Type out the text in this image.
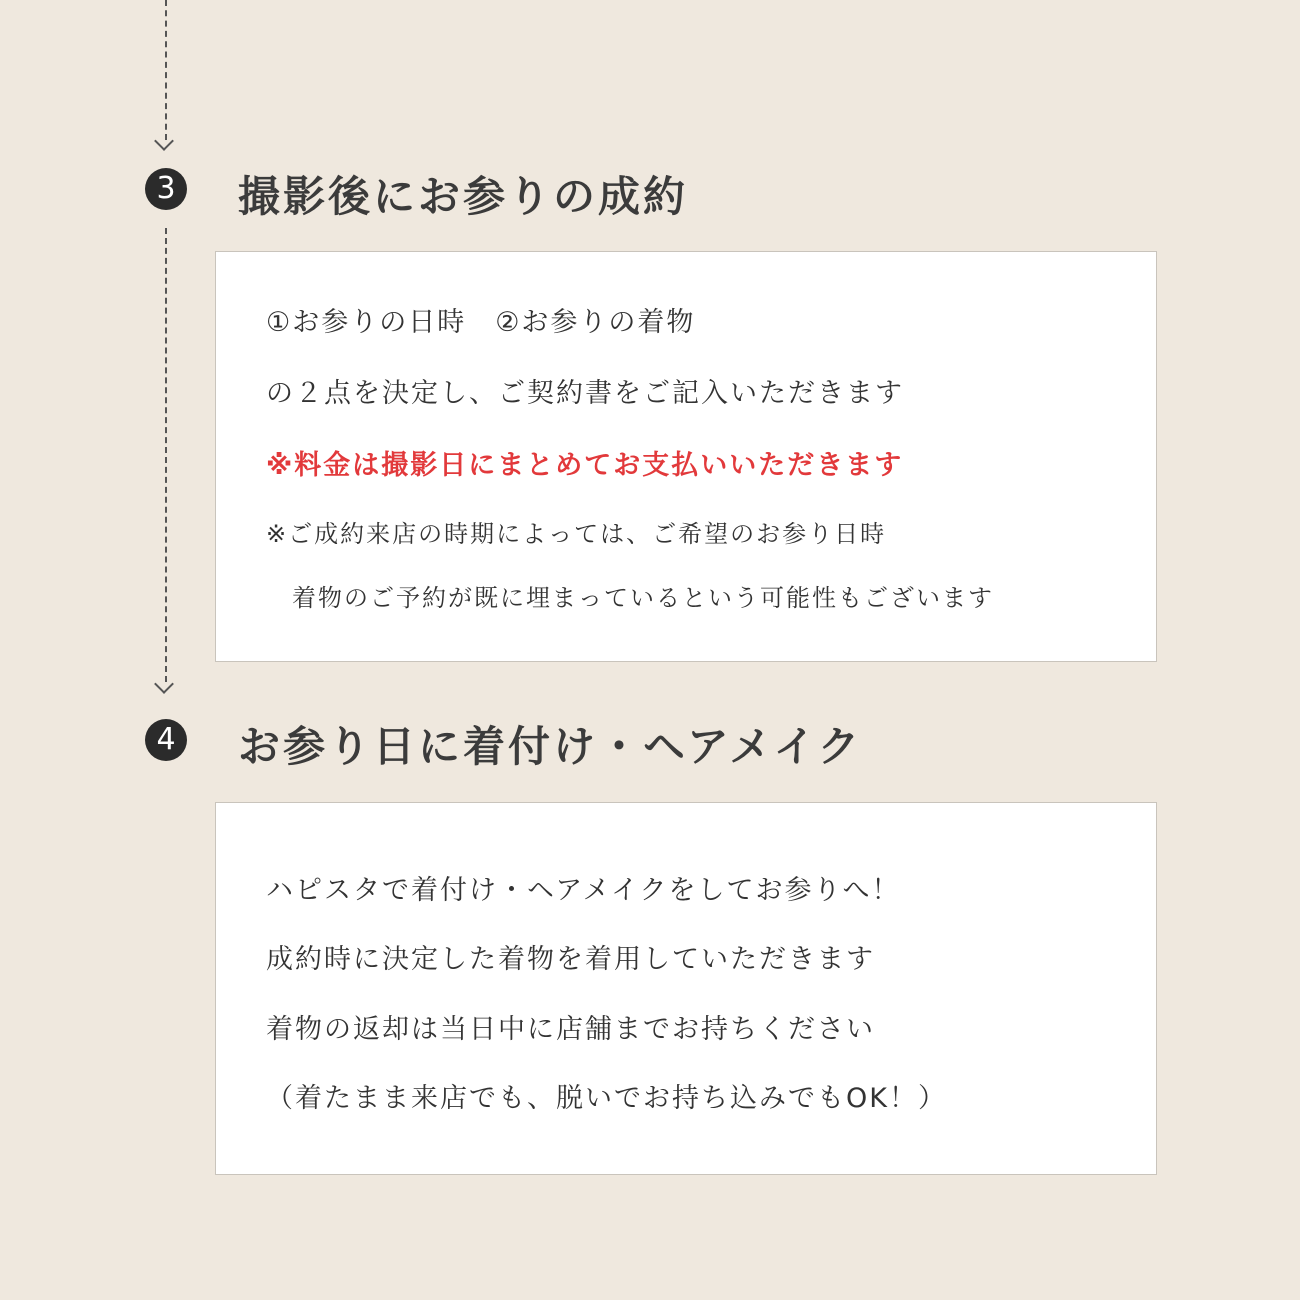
3 撮影後にお参りの成約
①お参りの日時　②お参りの着物
の２点を決定し、ご契約書をご記入いただきます
※料金は撮影日にまとめてお支払いいただきます
※ご成約来店の時期によっては、ご希望のお参り日時
　着物のご予約が既に埋まっているという可能性もございます
4 お参り日に着付け・ヘアメイク
ハピスタで着付け・ヘアメイクをしてお参りへ！
成約時に決定した着物を着用していただきます
着物の返却は当日中に店舗までお持ちください
（着たまま来店でも、脱いでお持ち込みでもOK！）
